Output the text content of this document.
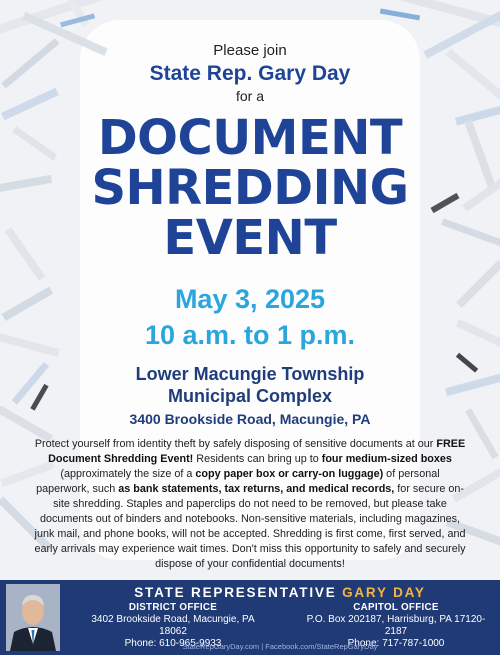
Please join
State Rep. Gary Day
for a
DOCUMENT
SHREDDING
EVENT
May 3, 2025
10 a.m. to 1 p.m.
Lower Macungie Township
Municipal Complex
3400 Brookside Road, Macungie, PA
Protect yourself from identity theft by safely disposing of sensitive documents at our FREE Document Shredding Event! Residents can bring up to four medium-sized boxes (approximately the size of a copy paper box or carry-on luggage) of personal paperwork, such as bank statements, tax returns, and medical records, for secure on-site shredding. Staples and paperclips do not need to be removed, but please take documents out of binders and notebooks. Non-sensitive materials, including magazines, junk mail, and phone books, will not be accepted. Shredding is first come, first served, and early arrivals may experience wait times. Don't miss this opportunity to safely and securely dispose of your confidential documents!
STATE REPRESENTATIVE GARY DAY
DISTRICT OFFICE
3402 Brookside Road, Macungie, PA 18062
Phone: 610-965-9933
CAPITOL OFFICE
P.O. Box 202187, Harrisburg, PA 17120-2187
Phone: 717-787-1000
StateRepGaryDay.com | Facebook.com/StateRepGaryDay
